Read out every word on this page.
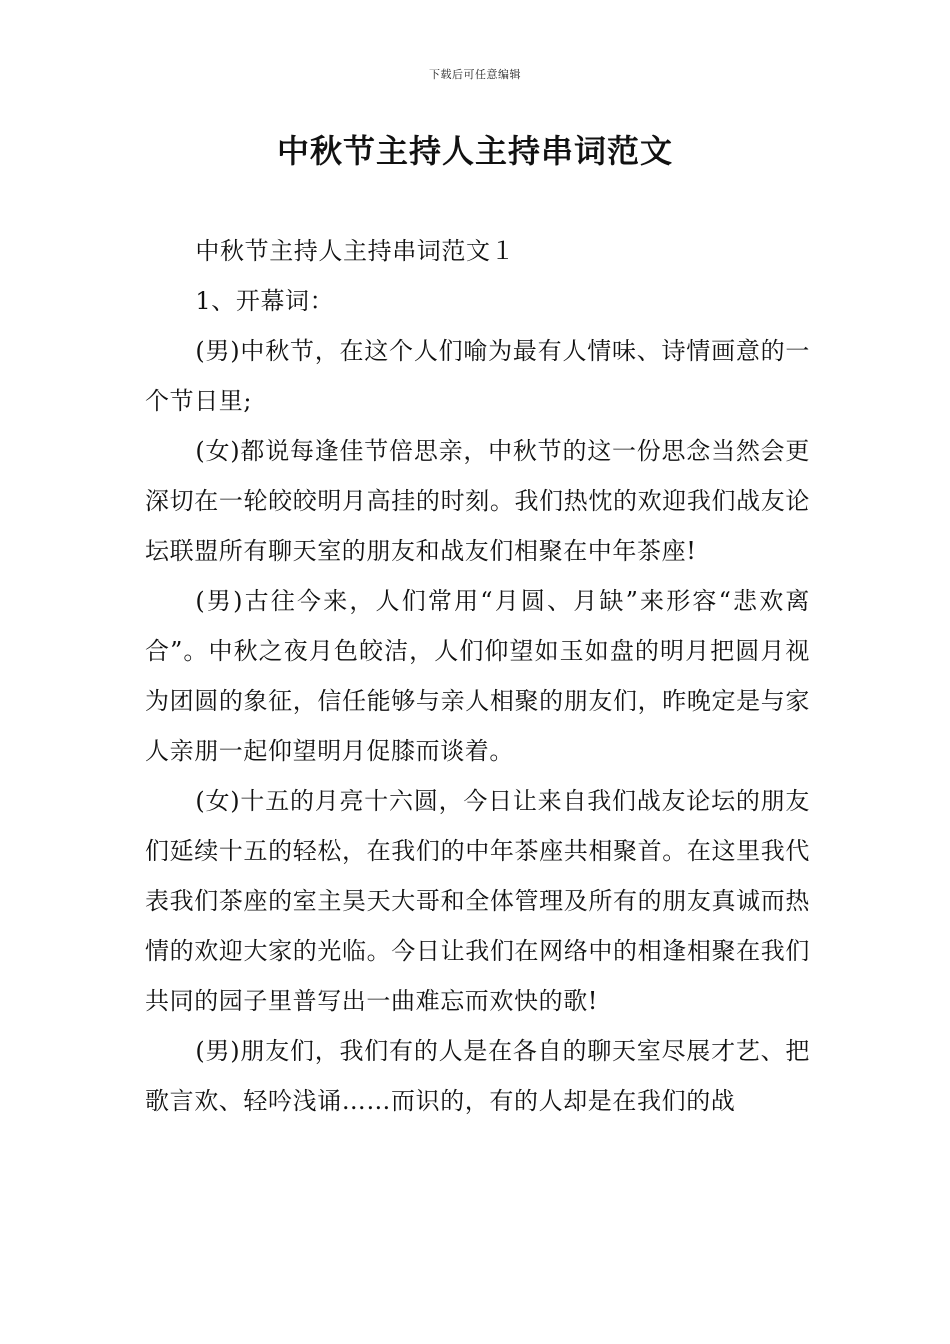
下载后可任意编辑
中秋节主持人主持串词范文

中秋节主持人主持串词范文１

1、开幕词：

(男)中秋节，在这个人们喻为最有人情味、诗情画意的一个节日里;

(女)都说每逢佳节倍思亲，中秋节的这一份思念当然会更深切在一轮皎皎明月高挂的时刻。我们热忱的欢迎我们战友论坛联盟所有聊天室的朋友和战友们相聚在中年茶座!

(男)古往今来，人们常用“月圆、月缺”来形容“悲欢离合”。中秋之夜月色皎洁，人们仰望如玉如盘的明月把圆月视为团圆的象征，信任能够与亲人相聚的朋友们，昨晚定是与家人亲朋一起仰望明月促膝而谈着。

(女)十五的月亮十六圆，今日让来自我们战友论坛的朋友们延续十五的轻松，在我们的中年茶座共相聚首。在这里我代表我们茶座的室主昊天大哥和全体管理及所有的朋友真诚而热情的欢迎大家的光临。今日让我们在网络中的相逢相聚在我们共同的园子里普写出一曲难忘而欢快的歌!

(男)朋友们，我们有的人是在各自的聊天室尽展才艺、把歌言欢、轻吟浅诵……而识的，有的人却是在我们的战
